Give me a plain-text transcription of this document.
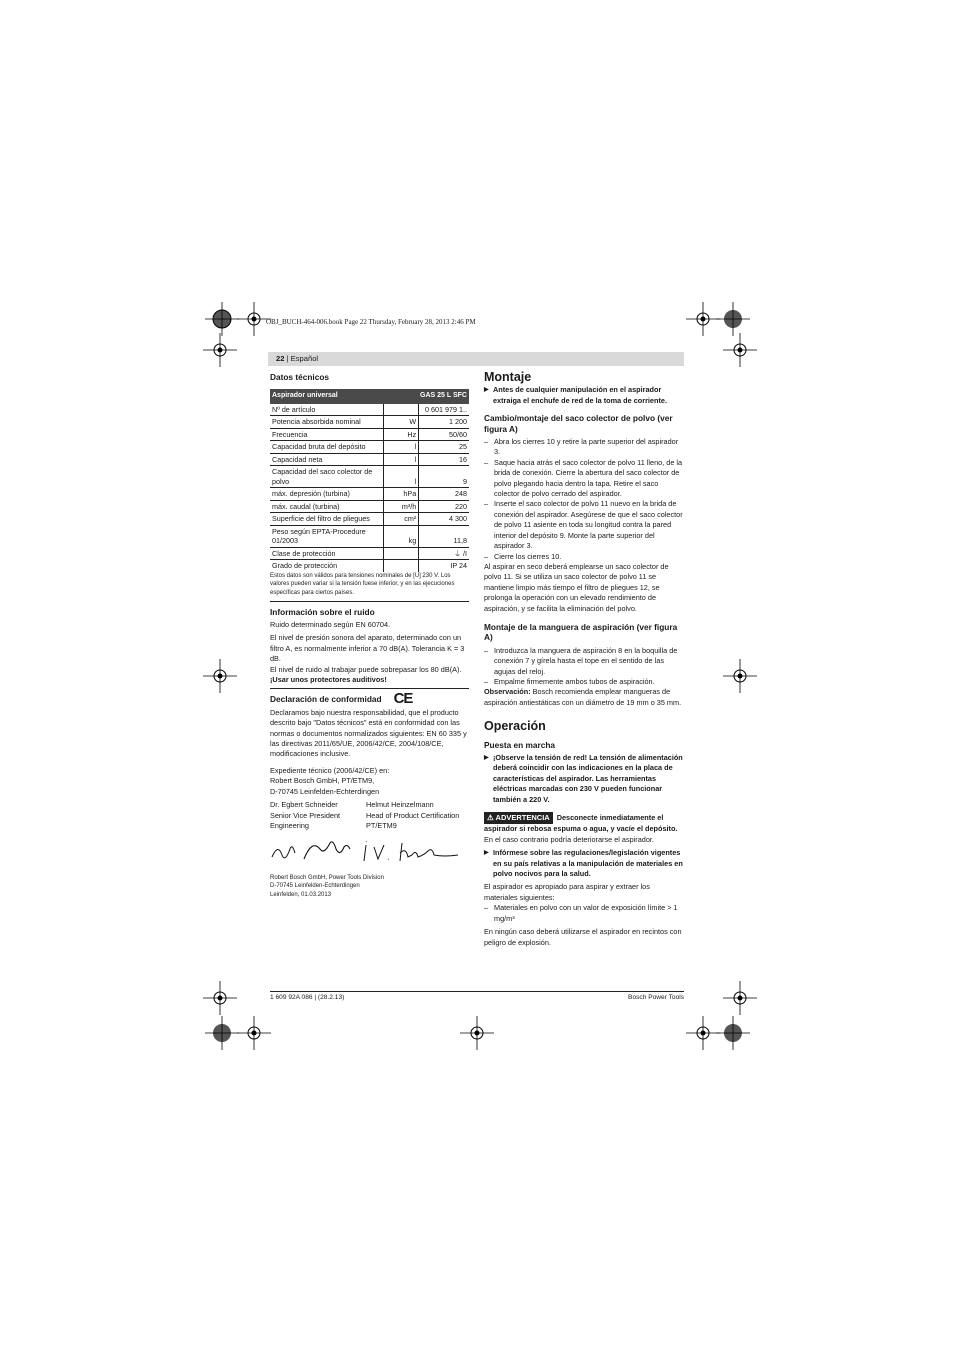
OBJ_BUCH-464-006.book Page 22 Thursday, February 28, 2013 2:46 PM
22 | Español

Datos técnicos

Aspirador universal	GAS 25 L SFC	
Nº de artículo		0 601 979 1..
Potencia absorbida nominal	W	1 200
Frecuencia	Hz	50/60
Capacidad bruta del depósito	l	25
Capacidad neta	l	16
Capacidad del saco colector de polvo	l	9
máx. depresión (turbina)	hPa	248
máx. caudal (turbina)	m³/h	220
Superficie del filtro de pliegues	cm²	4 300
Peso según EPTA-Procedure 01/2003	kg	11,8
Clase de protección		⏚ /I
Grado de protección		IP 24

Estos datos son válidos para tensiones nominales de [U] 230 V. Los valores pueden variar si la tensión fuese inferior, y en las ejecuciones específicas para ciertos países.

Información sobre el ruido

Ruido determinado según EN 60704.

El nivel de presión sonora del aparato, determinado con un filtro A, es normalmente inferior a 70 dB(A). Tolerancia K = 3 dB.

El nivel de ruido al trabajar puede sobrepasar los 80 dB(A).

¡Usar unos protectores auditivos!

Declaración de conformidad CE

Declaramos bajo nuestra responsabilidad, que el producto descrito bajo "Datos técnicos" está en conformidad con las normas o documentos normalizados siguientes: EN 60 335 y las directivas 2011/65/UE, 2006/42/CE, 2004/108/CE, modificaciones inclusive.

Expediente técnico (2006/42/CE) en:

Robert Bosch GmbH, PT/ETM9,

D-70745 Leinfelden-Echterdingen

Dr. Egbert Schneider

Senior Vice President

Engineering

Helmut Heinzelmann

Head of Product Certification

PT/ETM9

Robert Bosch GmbH, Power Tools Division

D-70745 Leinfelden-Echterdingen

Leinfelden, 01.03.2013

Montaje

▶ Antes de cualquier manipulación en el aspirador extraiga el enchufe de red de la toma de corriente.

Cambio/montaje del saco colector de polvo (ver figura A)

– Abra los cierres 10 y retire la parte superior del aspirador 3.

– Saque hacia atrás el saco colector de polvo 11 lleno, de la brida de conexión. Cierre la abertura del saco colector de polvo plegando hacia dentro la tapa. Retire el saco colector de polvo cerrado del aspirador.

– Inserte el saco colector de polvo 11 nuevo en la brida de conexión del aspirador. Asegúrese de que el saco colector de polvo 11 asiente en toda su longitud contra la pared interior del depósito 9. Monte la parte superior del aspirador 3.

– Cierre los cierres 10.

Al aspirar en seco deberá emplearse un saco colector de polvo 11. Si se utiliza un saco colector de polvo 11 se mantiene limpio más tiempo el filtro de pliegues 12, se prolonga la operación con un elevado rendimiento de aspiración, y se facilita la eliminación del polvo.

Montaje de la manguera de aspiración (ver figura A)

– Introduzca la manguera de aspiración 8 en la boquilla de conexión 7 y gírela hasta el tope en el sentido de las agujas del reloj.

– Empalme firmemente ambos tubos de aspiración.

Observación: Bosch recomienda emplear mangueras de aspiración antiestáticas con un diámetro de 19 mm o 35 mm.

Operación

Puesta en marcha

▶ ¡Observe la tensión de red! La tensión de alimentación deberá coincidir con las indicaciones en la placa de características del aspirador. Las herramientas eléctricas marcadas con 230 V pueden funcionar también a 220 V.

⚠ ADVERTENCIA Desconecte inmediatamente el aspirador si rebosa espuma o agua, y vacíe el depósito. En el caso contrario podría deteriorarse el aspirador.

▶ Infórmese sobre las regulaciones/legislación vigentes en su país relativas a la manipulación de materiales en polvo nocivos para la salud.

El aspirador es apropiado para aspirar y extraer los materiales siguientes:

– Materiales en polvo con un valor de exposición límite > 1 mg/m³

En ningún caso deberá utilizarse el aspirador en recintos con peligro de explosión.

1 609 92A 086 | (28.2.13)	Bosch Power Tools
